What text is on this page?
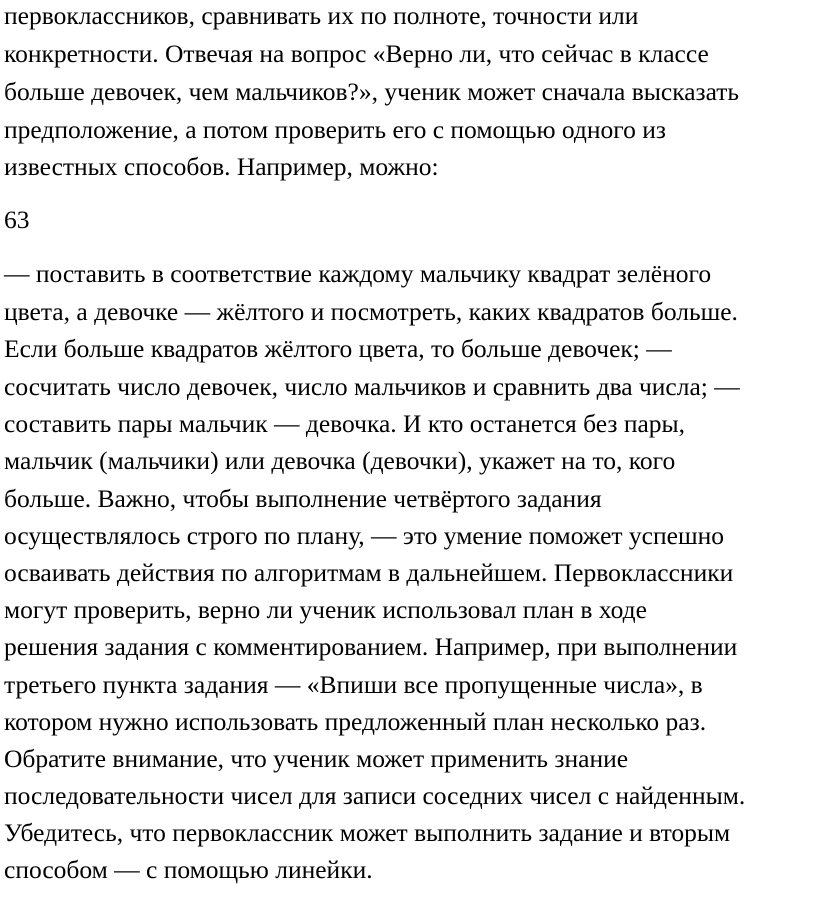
первоклассников, сравнивать их по полноте, точности или
конкретности. Отвечая на вопрос «Верно ли, что сейчас в классе
больше девочек, чем мальчиков?», ученик может сначала высказать
предположение, а потом проверить его с помощью одного из
известных способов. Например, можно:
63
— поставить в соответствие каждому мальчику квадрат зелёного
цвета, а девочке — жёлтого и посмотреть, каких квадратов больше.
Если больше квадратов жёлтого цвета, то больше девочек; —
сосчитать число девочек, число мальчиков и сравнить два числа; —
составить пары мальчик — девочка. И кто останется без пары,
мальчик (мальчики) или девочка (девочки), укажет на то, кого
больше. Важно, чтобы выполнение четвёртого задания
осуществлялось строго по плану, — это умение поможет успешно
осваивать действия по алгоритмам в дальнейшем. Первоклассники
могут проверить, верно ли ученик использовал план в ходе
решения задания с комментированием. Например, при выполнении
третьего пункта задания — «Впиши все пропущенные числа», в
котором нужно использовать предложенный план несколько раз.
Обратите внимание, что ученик может применить знание
последовательности чисел для записи соседних чисел с найденным.
Убедитесь, что первоклассник может выполнить задание и вторым
способом — с помощью линейки.
